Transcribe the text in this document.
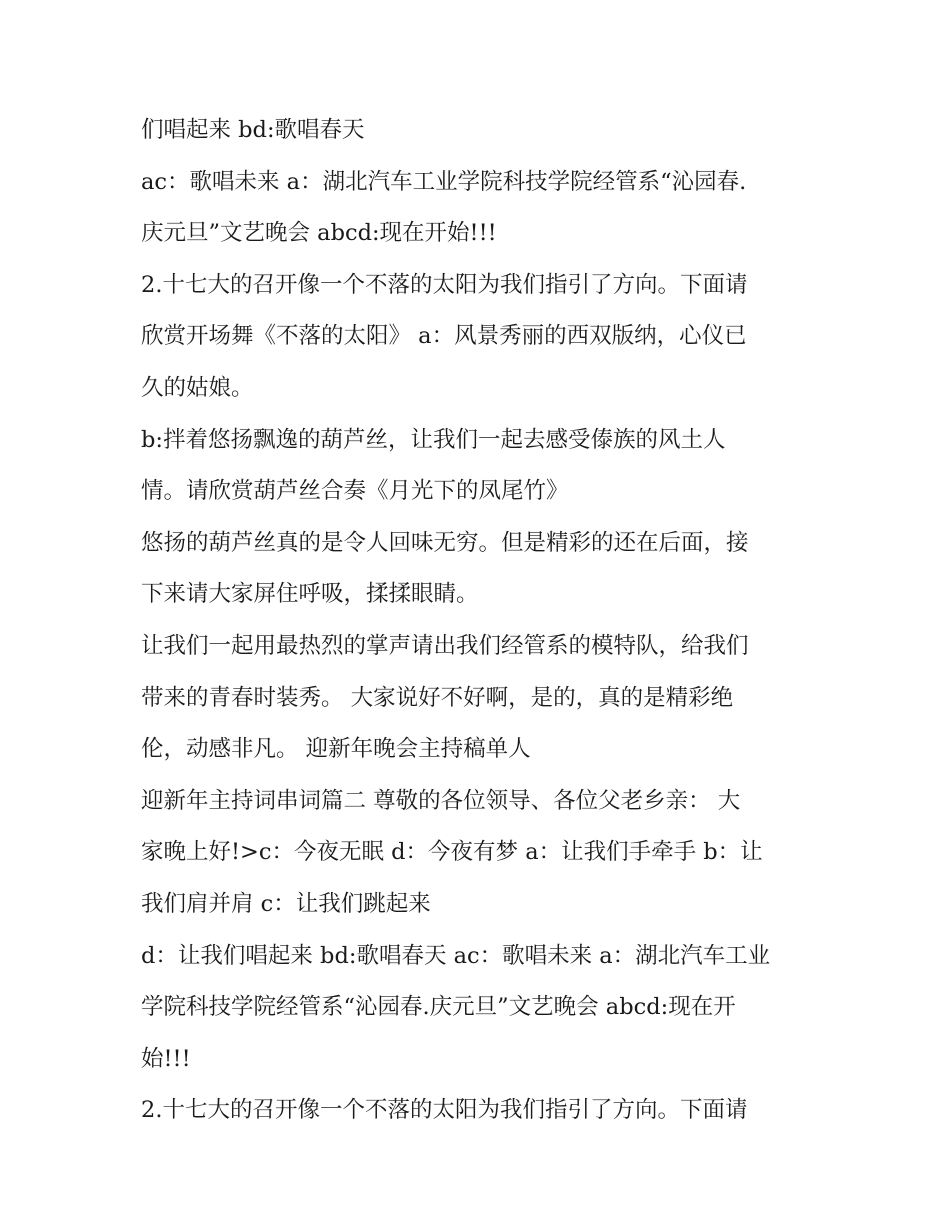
们唱起来 bd:歌唱春天
ac：歌唱未来 a：湖北汽车工业学院科技学院经管系“沁园春.
庆元旦”文艺晚会 abcd:现在开始!!!
2.十七大的召开像一个不落的太阳为我们指引了方向。下面请
欣赏开场舞《不落的太阳》 a：风景秀丽的西双版纳，心仪已
久的姑娘。
b:拌着悠扬飘逸的葫芦丝，让我们一起去感受傣族的风土人
情。请欣赏葫芦丝合奏《月光下的凤尾竹》
悠扬的葫芦丝真的是令人回味无穷。但是精彩的还在后面，接
下来请大家屏住呼吸，揉揉眼睛。
让我们一起用最热烈的掌声请出我们经管系的模特队，给我们
带来的青春时装秀。 大家说好不好啊，是的，真的是精彩绝
伦，动感非凡。 迎新年晚会主持稿单人
迎新年主持词串词篇二 尊敬的各位领导、各位父老乡亲： 大
家晚上好!>c：今夜无眠 d：今夜有梦 a：让我们手牵手 b：让
我们肩并肩 c：让我们跳起来
d：让我们唱起来 bd:歌唱春天 ac：歌唱未来 a：湖北汽车工业
学院科技学院经管系“沁园春.庆元旦”文艺晚会 abcd:现在开
始!!!
2.十七大的召开像一个不落的太阳为我们指引了方向。下面请
